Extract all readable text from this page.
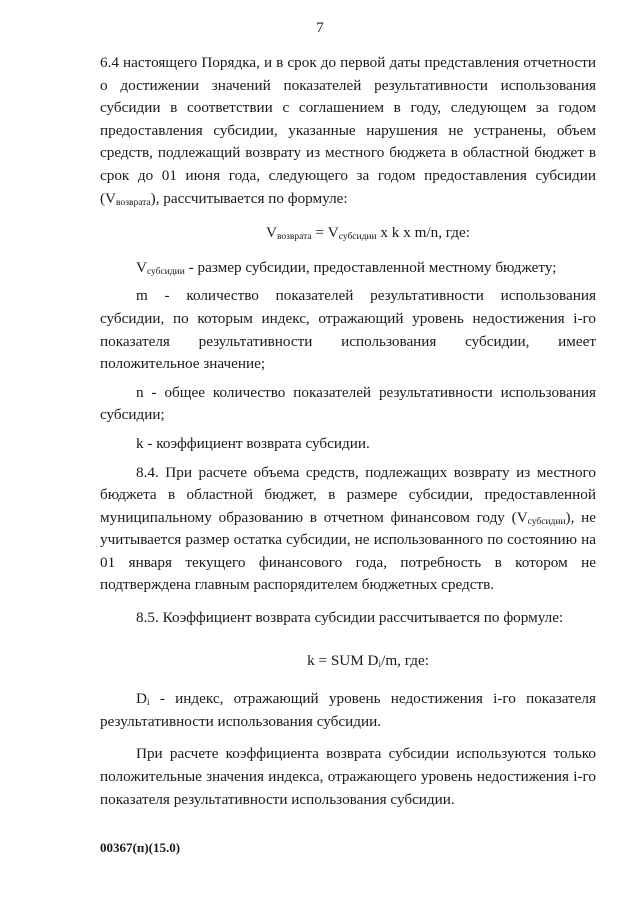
7

6.4 настоящего Порядка, и в срок до первой даты представления отчетности о достижении значений показателей результативности использования субсидии в соответствии с соглашением в году, следующем за годом предоставления субсидии, указанные нарушения не устранены, объем средств, подлежащий возврату из местного бюджета в областной бюджет в срок до 01 июня года, следующего за годом предоставления субсидии $(V_{возврата})$, рассчитывается по формуле:

$V_{возврата} = V_{субсидии}$ x k x m/n, где:

$V_{субсидии}$ - размер субсидии, предоставленной местному бюджету;

m - количество показателей результативности использования субсидии, по которым индекс, отражающий уровень недостижения i-го показателя результативности использования субсидии, имеет положительное значение;

n - общее количество показателей результативности использования субсидии;

k - коэффициент возврата субсидии.

8.4. При расчете объема средств, подлежащих возврату из местного бюджета в областной бюджет, в размере субсидии, предоставленной муниципальному образованию в отчетном финансовом году $(V_{субсидии})$, не учитывается размер остатка субсидии, не использованного по состоянию на 01 января текущего финансового года, потребность в котором не подтверждена главным распорядителем бюджетных средств.

8.5. Коэффициент возврата субсидии рассчитывается по формуле:

k = SUM $D_i/m$, где:

$D_i$ - индекс, отражающий уровень недостижения i-го показателя результативности использования субсидии.

При расчете коэффициента возврата субсидии используются только положительные значения индекса, отражающего уровень недостижения i-го показателя результативности использования субсидии.

00367(п)(15.0)
